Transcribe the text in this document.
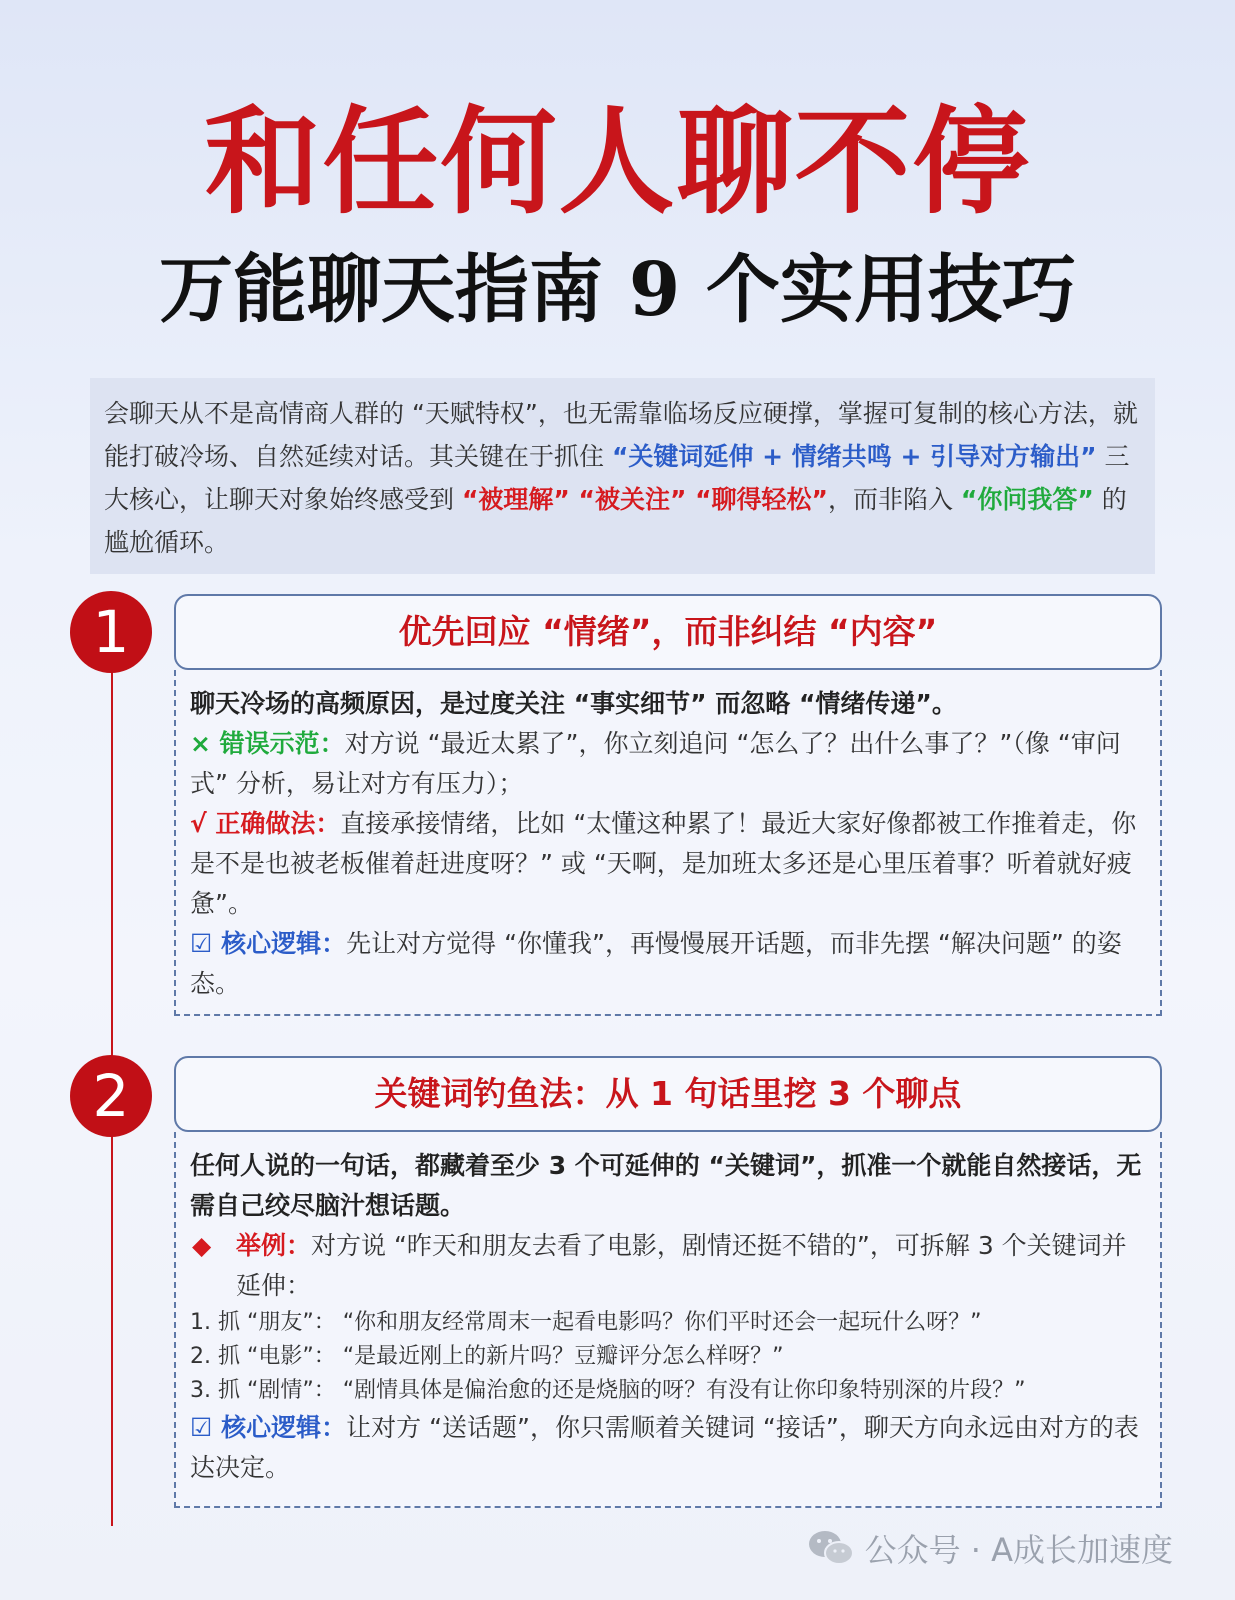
和任何人聊不停
万能聊天指南 9 个实用技巧
会聊天从不是高情商人群的 “天赋特权”，也无需靠临场反应硬撑，掌握可复制的核心方法，就能打破冷场、自然延续对话。其关键在于抓住 “关键词延伸 + 情绪共鸣 + 引导对方输出” 三大核心，让聊天对象始终感受到 “被理解” “被关注” “聊得轻松”，而非陷入 “你问我答” 的尴尬循环。
1	优先回应 “情绪”，而非纠结 “内容”
聊天冷场的高频原因，是过度关注 “事实细节” 而忽略 “情绪传递”。
× 错误示范：对方说 “最近太累了”，你立刻追问 “怎么了？出什么事了？”（像 “审问式” 分析，易让对方有压力）；
√ 正确做法：直接承接情绪，比如 “太懂这种累了！最近大家好像都被工作推着走，你是不是也被老板催着赶进度呀？” 或 “天啊，是加班太多还是心里压着事？听着就好疲惫”。
☑ 核心逻辑：先让对方觉得 “你懂我”，再慢慢展开话题，而非先摆 “解决问题” 的姿态。
2	关键词钓鱼法：从 1 句话里挖 3 个聊点
任何人说的一句话，都藏着至少 3 个可延伸的 “关键词”，抓准一个就能自然接话，无需自己绞尽脑汁想话题。
◆ 举例：对方说 “昨天和朋友去看了电影，剧情还挺不错的”，可拆解 3 个关键词并延伸：
1. 抓 “朋友”： “你和朋友经常周末一起看电影吗？你们平时还会一起玩什么呀？”
2. 抓 “电影”： “是最近刚上的新片吗？豆瓣评分怎么样呀？”
3. 抓 “剧情”： “剧情具体是偏治愈的还是烧脑的呀？有没有让你印象特别深的片段？”
☑ 核心逻辑：让对方 “送话题”，你只需顺着关键词 “接话”，聊天方向永远由对方的表达决定。
公众号 · A成长加速度
